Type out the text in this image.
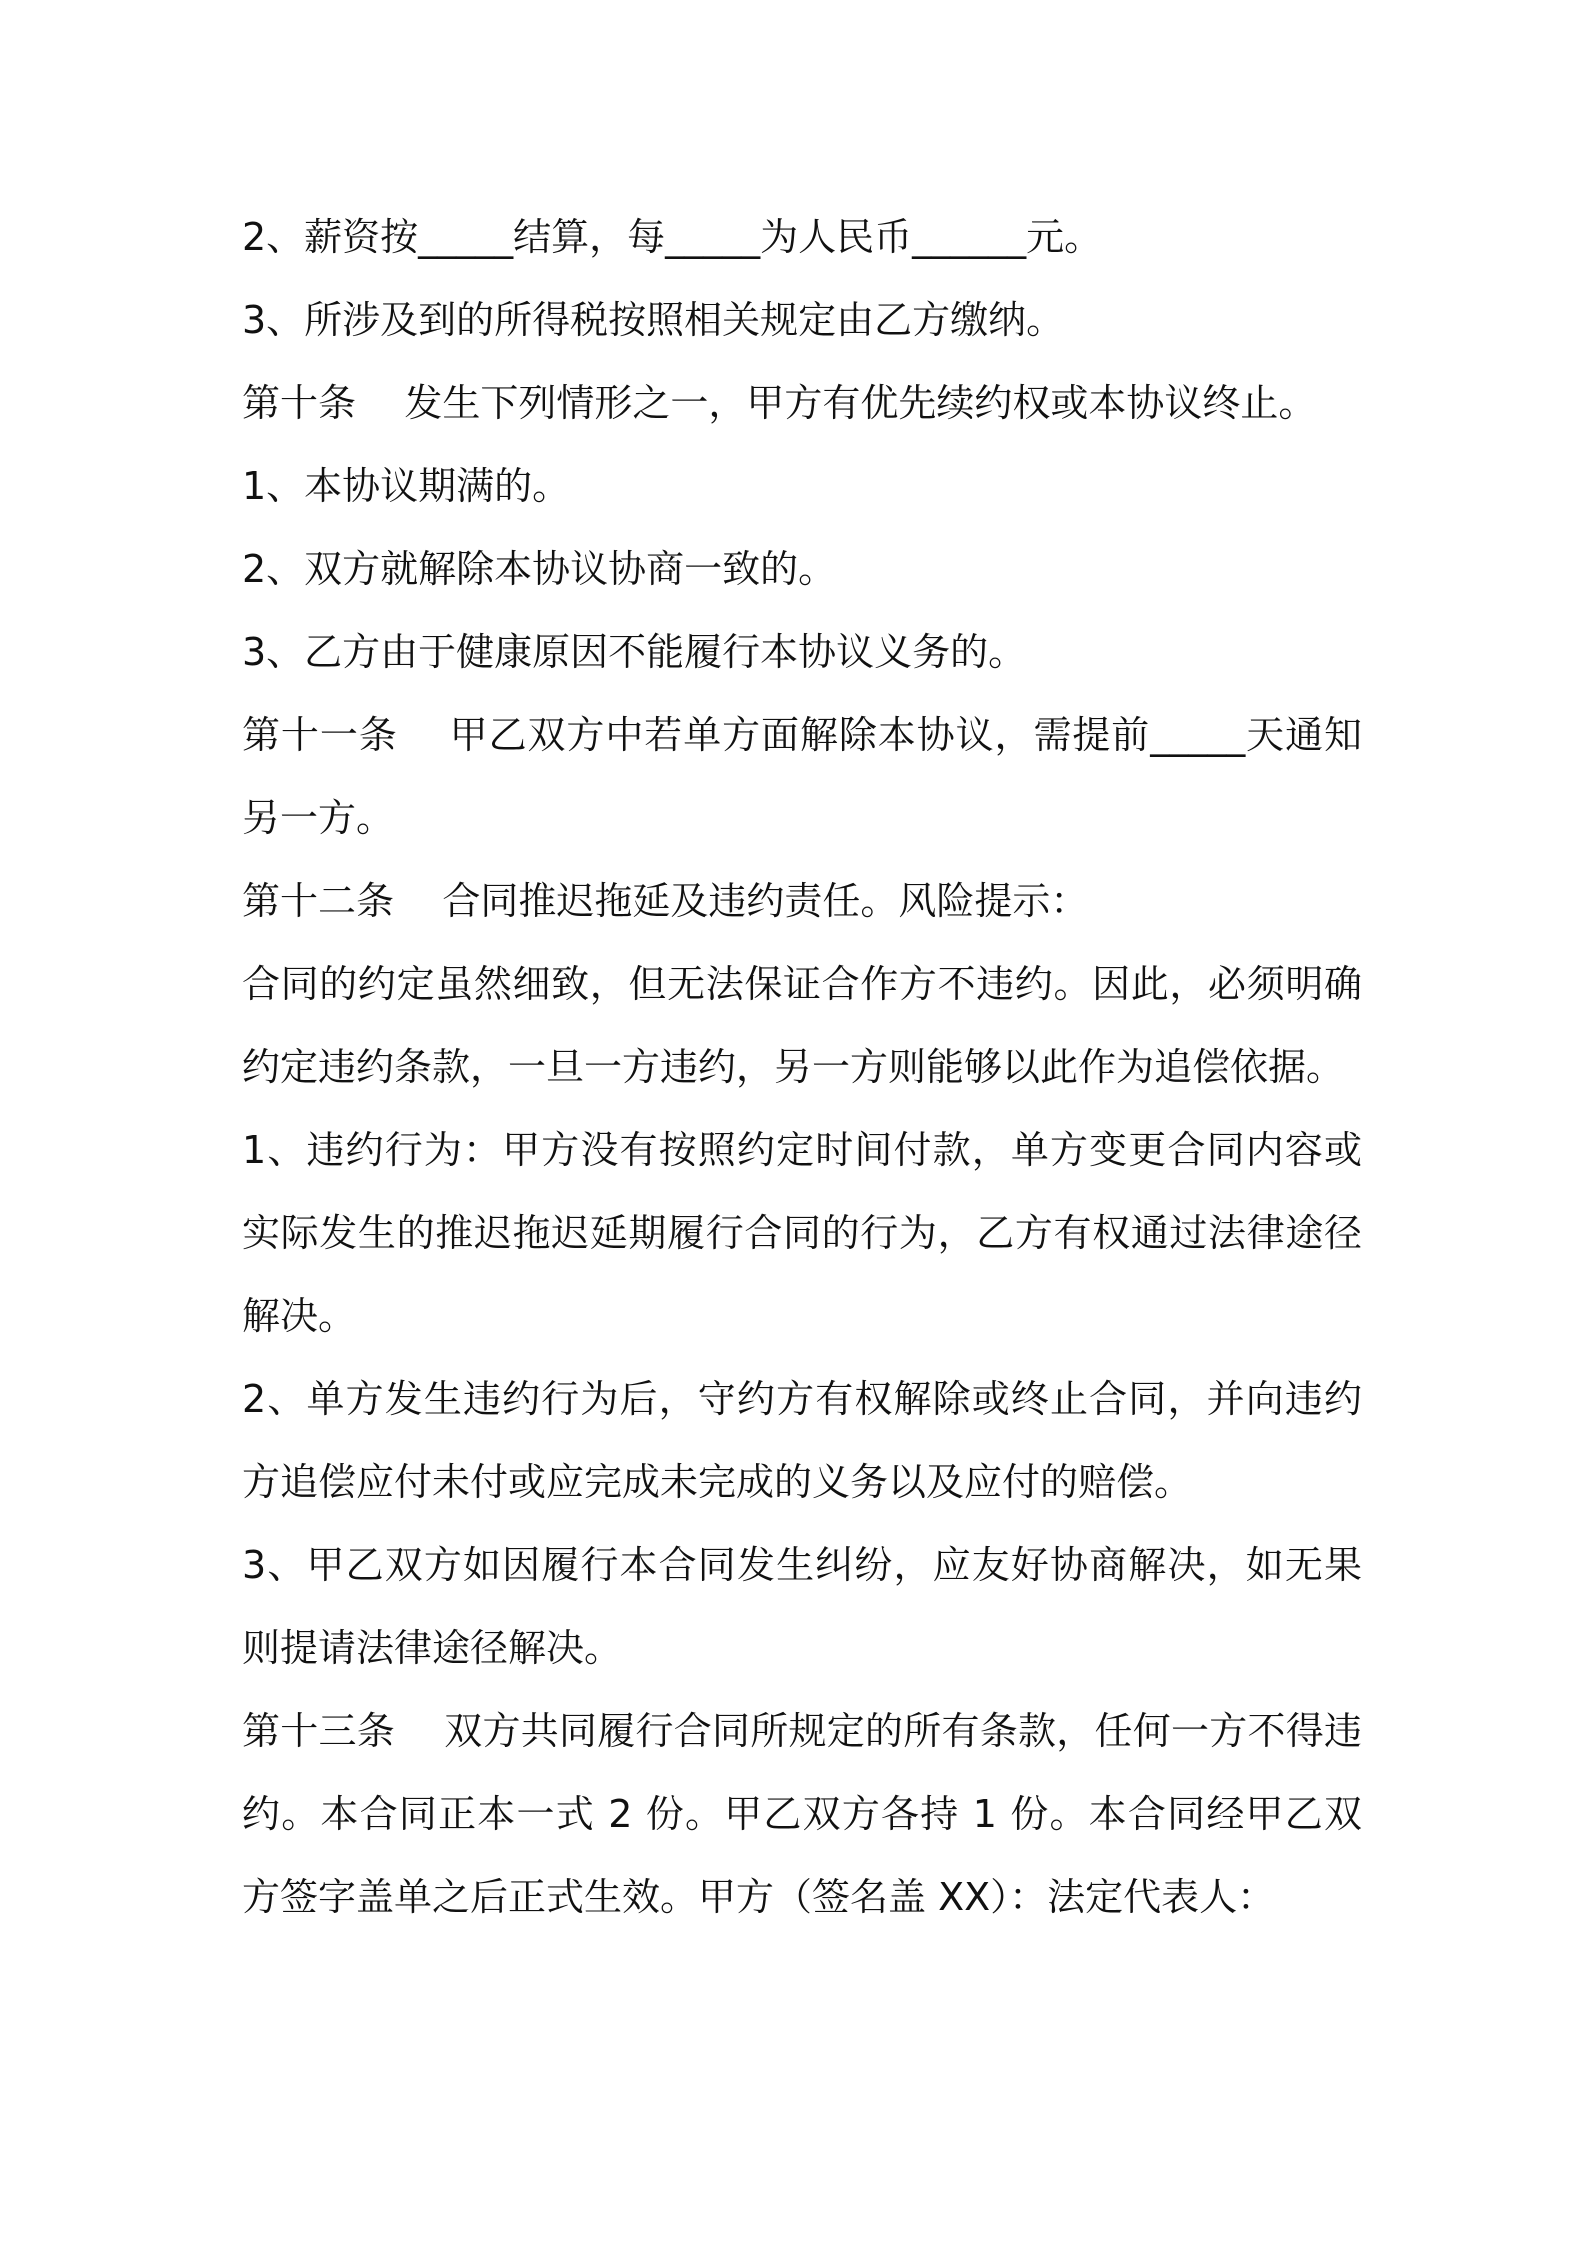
2、薪资按_____结算，每_____为人民币______元。

3、所涉及到的所得税按照相关规定由乙方缴纳。

第十条    发生下列情形之一，甲方有优先续约权或本协议终止。

1、本协议期满的。

2、双方就解除本协议协商一致的。

3、乙方由于健康原因不能履行本协议义务的。

第十一条    甲乙双方中若单方面解除本协议，需提前_____天通知另一方。

第十二条    合同推迟拖延及违约责任。风险提示：

合同的约定虽然细致，但无法保证合作方不违约。因此，必须明确约定违约条款，一旦一方违约，另一方则能够以此作为追偿依据。

1、违约行为：甲方没有按照约定时间付款，单方变更合同内容或实际发生的推迟拖迟延期履行合同的行为，乙方有权通过法律途径解决。

2、单方发生违约行为后，守约方有权解除或终止合同，并向违约方追偿应付未付或应完成未完成的义务以及应付的赔偿。

3、甲乙双方如因履行本合同发生纠纷，应友好协商解决，如无果则提请法律途径解决。

第十三条    双方共同履行合同所规定的所有条款，任何一方不得违约。本合同正本一式 2 份。甲乙双方各持 1 份。本合同经甲乙双方签字盖单之后正式生效。甲方（签名盖 XX）：法定代表人：
